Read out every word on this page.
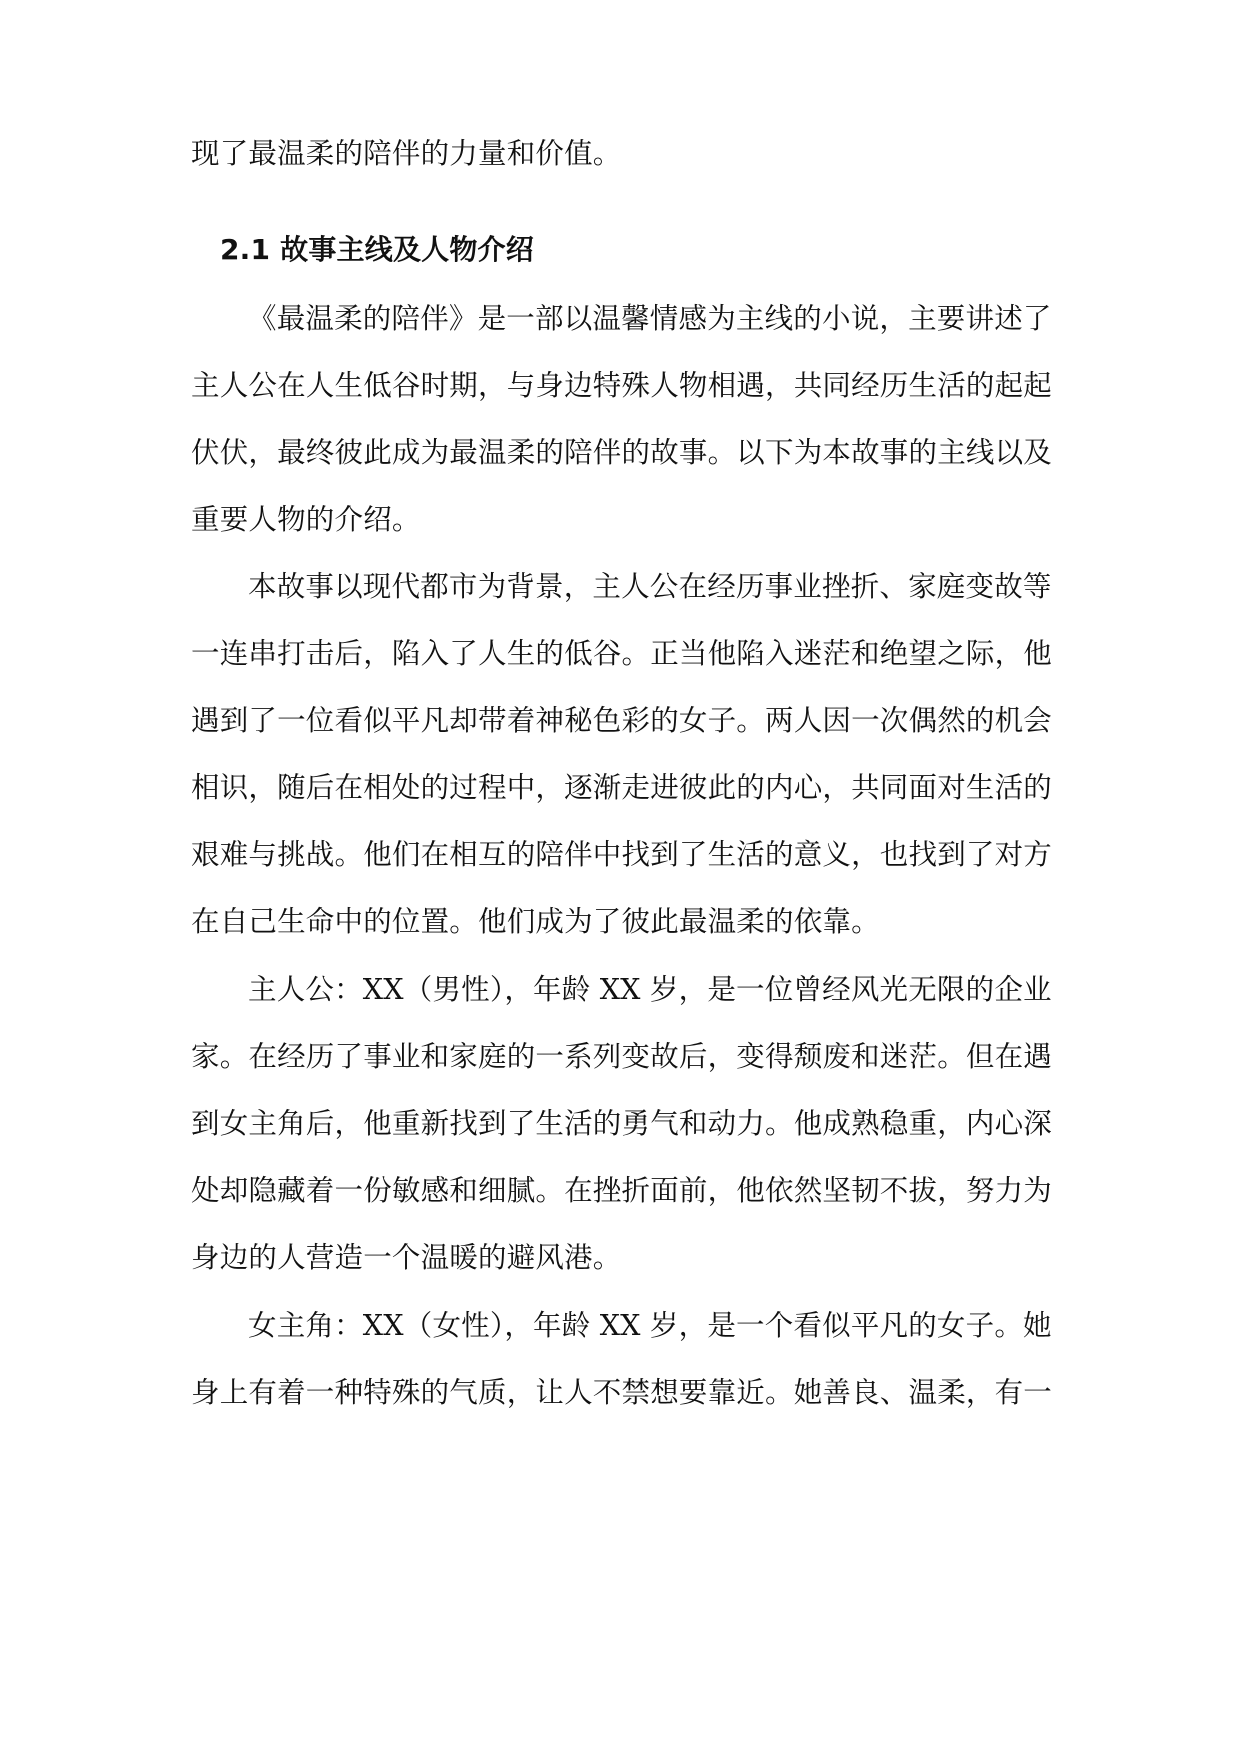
现了最温柔的陪伴的力量和价值。
2.1 故事主线及人物介绍
《最温柔的陪伴》是一部以温馨情感为主线的小说，主要讲述了
主人公在人生低谷时期，与身边特殊人物相遇，共同经历生活的起起
伏伏，最终彼此成为最温柔的陪伴的故事。以下为本故事的主线以及
重要人物的介绍。
本故事以现代都市为背景，主人公在经历事业挫折、家庭变故等
一连串打击后，陷入了人生的低谷。正当他陷入迷茫和绝望之际，他
遇到了一位看似平凡却带着神秘色彩的女子。两人因一次偶然的机会
相识，随后在相处的过程中，逐渐走进彼此的内心，共同面对生活的
艰难与挑战。他们在相互的陪伴中找到了生活的意义，也找到了对方
在自己生命中的位置。他们成为了彼此最温柔的依靠。
主人公：XX（男性），年龄 XX 岁，是一位曾经风光无限的企业
家。在经历了事业和家庭的一系列变故后，变得颓废和迷茫。但在遇
到女主角后，他重新找到了生活的勇气和动力。他成熟稳重，内心深
处却隐藏着一份敏感和细腻。在挫折面前，他依然坚韧不拔，努力为
身边的人营造一个温暖的避风港。
女主角：XX（女性），年龄 XX 岁，是一个看似平凡的女子。她
身上有着一种特殊的气质，让人不禁想要靠近。她善良、温柔，有一
